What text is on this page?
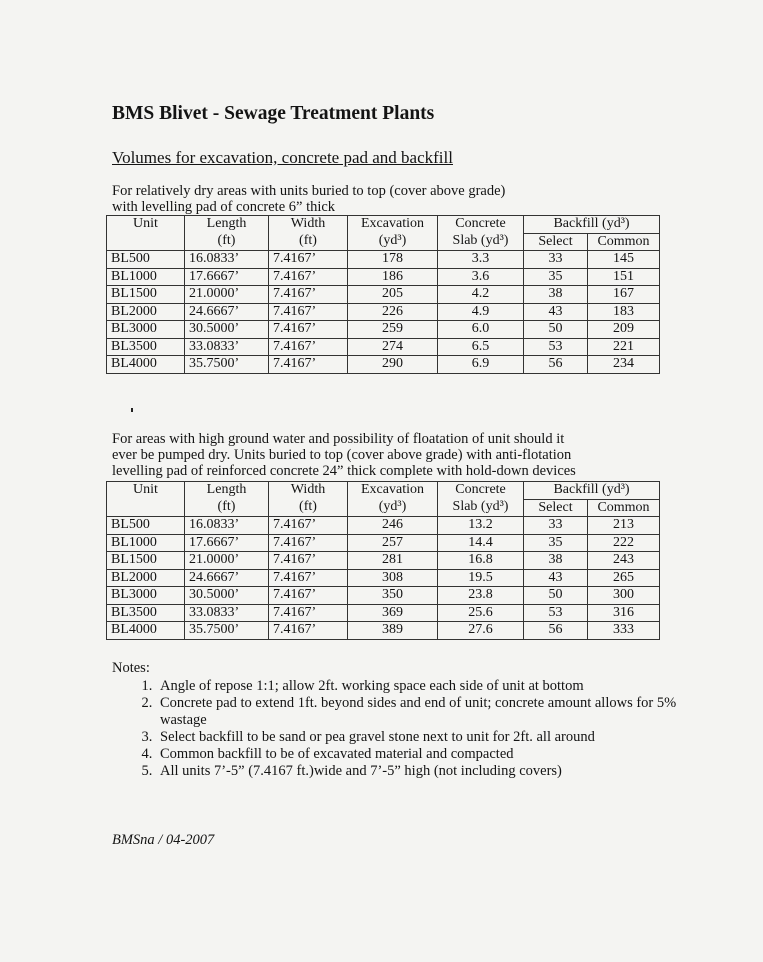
BMS Blivet - Sewage Treatment Plants

Volumes for excavation, concrete pad and backfill

For relatively dry areas with units buried to top (cover above grade)
with levelling pad of concrete 6” thick

Unit	Length	Width	Excavation	Concrete	Backfill (yd³)	
	(ft)	(ft)	(yd³)	Slab (yd³)	Select	Common
BL500	16.0833’	7.4167’	178	3.3	33	145
BL1000	17.6667’	7.4167’	186	3.6	35	151
BL1500	21.0000’	7.4167’	205	4.2	38	167
BL2000	24.6667’	7.4167’	226	4.9	43	183
BL3000	30.5000’	7.4167’	259	6.0	50	209
BL3500	33.0833’	7.4167’	274	6.5	53	221
BL4000	35.7500’	7.4167’	290	6.9	56	234

For areas with high ground water and possibility of floatation of unit should it
ever be pumped dry. Units buried to top (cover above grade) with anti-flotation
levelling pad of reinforced concrete 24” thick complete with hold-down devices

Unit	Length	Width	Excavation	Concrete	Backfill (yd³)	
	(ft)	(ft)	(yd³)	Slab (yd³)	Select	Common
BL500	16.0833’	7.4167’	246	13.2	33	213
BL1000	17.6667’	7.4167’	257	14.4	35	222
BL1500	21.0000’	7.4167’	281	16.8	38	243
BL2000	24.6667’	7.4167’	308	19.5	43	265
BL3000	30.5000’	7.4167’	350	23.8	50	300
BL3500	33.0833’	7.4167’	369	25.6	53	316
BL4000	35.7500’	7.4167’	389	27.6	56	333

Notes:

1. Angle of repose 1:1; allow 2ft. working space each side of unit at bottom
2. Concrete pad to extend 1ft. beyond sides and end of unit; concrete amount allows for 5% wastage
3. Select backfill to be sand or pea gravel stone next to unit for 2ft. all around
4. Common backfill to be of excavated material and compacted
5. All units 7’-5” (7.4167 ft.)wide and 7’-5” high (not including covers)

BMSna / 04-2007
